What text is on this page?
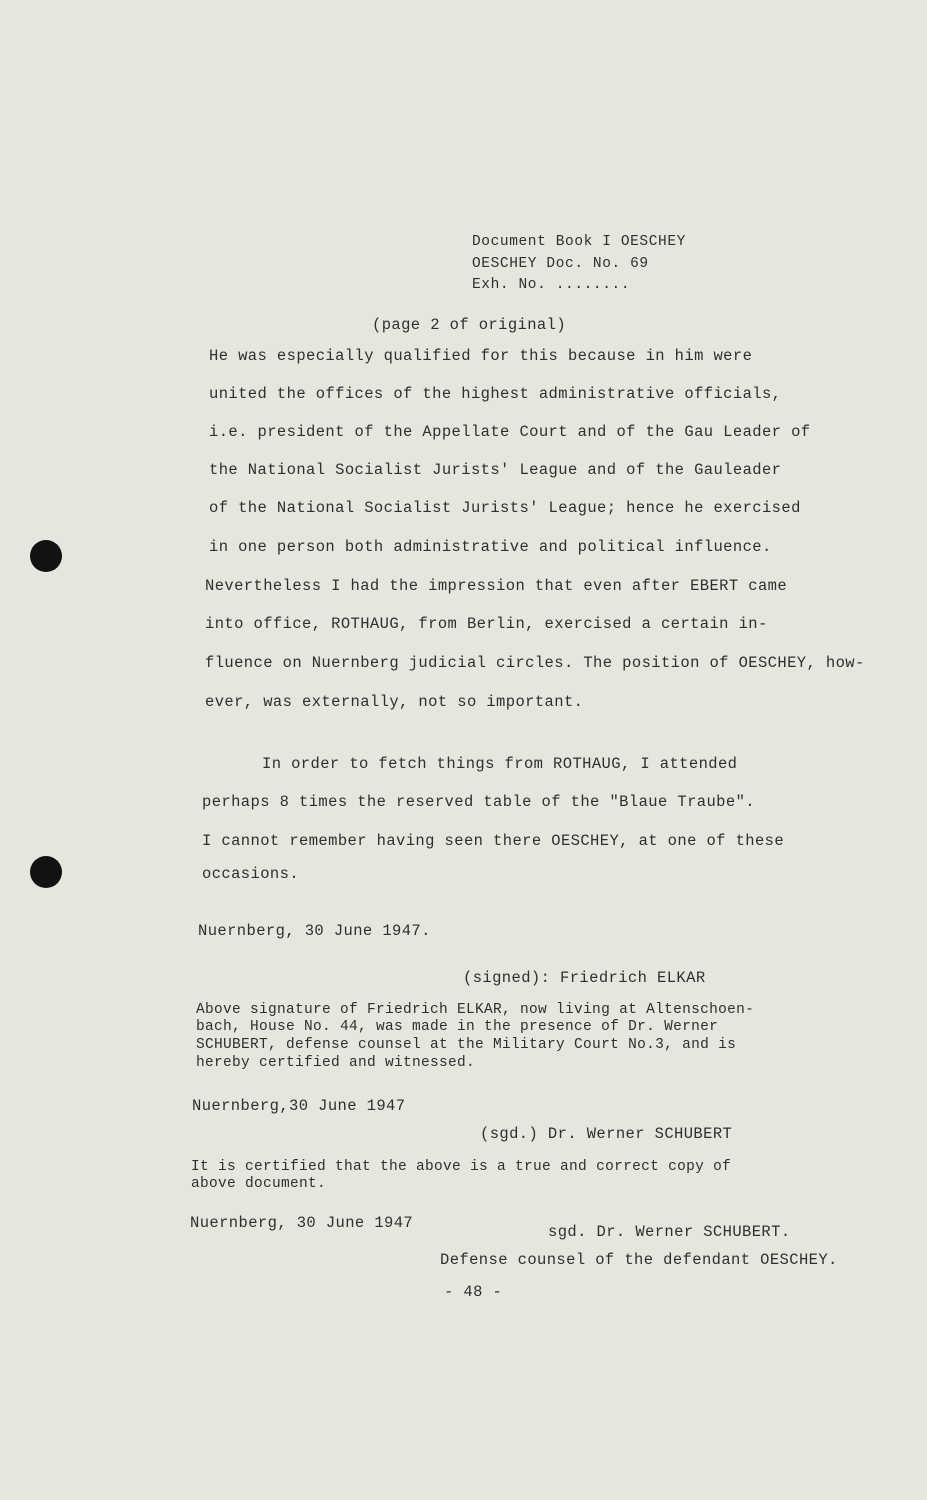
Document Book I OESCHEY
OESCHEY Doc. No. 69
Exh. No. ........
(page 2 of original)
He was especially qualified for this because in him were
united the offices of the highest administrative officials,
i.e. president of the Appellate Court and of the Gau Leader of
the National Socialist Jurists' League and of the Gauleader
of the National Socialist Jurists' League; hence he exercised
in one person both administrative and political influence.
Nevertheless I had the impression that even after EBERT came
into office, ROTHAUG, from Berlin, exercised a certain in-
fluence on Nuernberg judicial circles. The position of OESCHEY, how-
ever, was externally, not so important.
In order to fetch things from ROTHAUG, I attended
perhaps 8 times the reserved table of the "Blaue Traube".
I cannot remember having seen there OESCHEY, at one of these
occasions.
Nuernberg, 30 June 1947.
(signed): Friedrich ELKAR
Above signature of Friedrich ELKAR, now living at Altenschoen-
bach, House No. 44, was made in the presence of Dr. Werner
SCHUBERT, defense counsel at the Military Court No.3, and is
hereby certified and witnessed.
Nuernberg,30 June 1947
(sgd.) Dr. Werner SCHUBERT
It is certified that the above is a true and correct copy of
above document.
Nuernberg, 30 June 1947	sgd. Dr. Werner SCHUBERT.
Defense counsel of the defendant OESCHEY.
- 48 -
